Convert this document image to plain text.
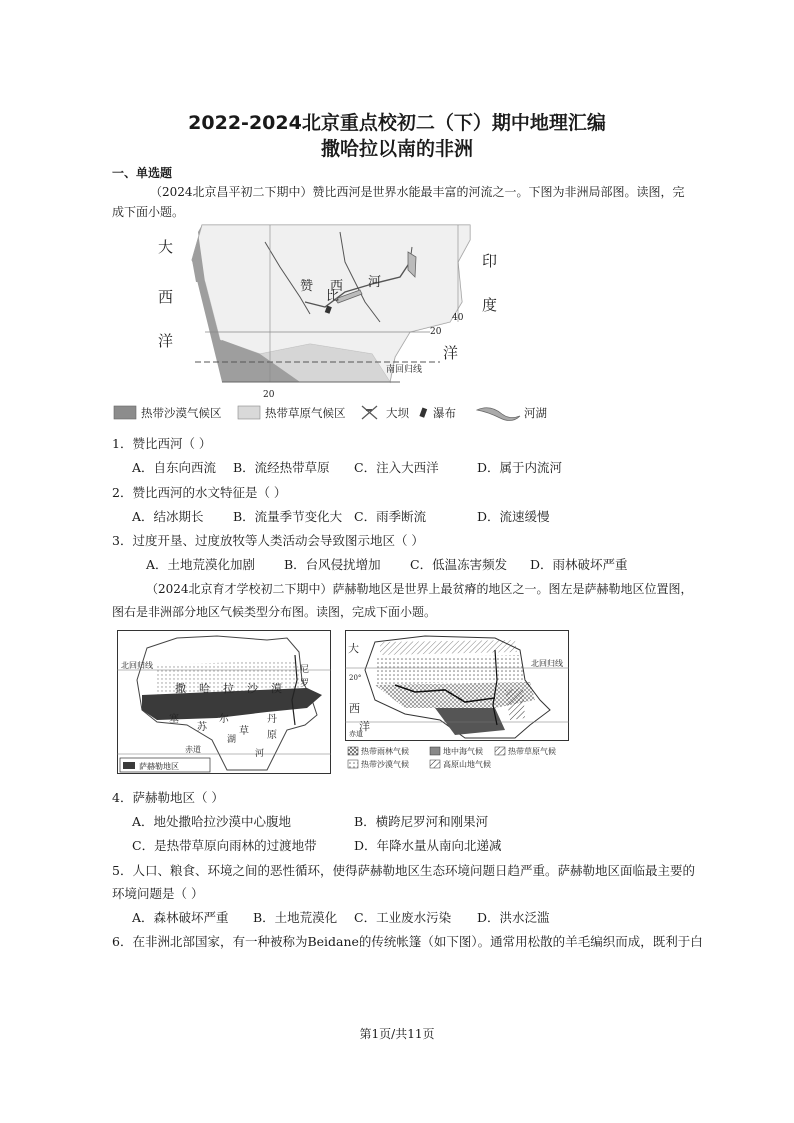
2022-2024北京重点校初二（下）期中地理汇编
撒哈拉以南的非洲
一、单选题
（2024北京昌平初二下期中）赞比西河是世界水能最丰富的河流之一。下图为非洲局部图。读图，完
成下面小题。
大
西
洋
印
度
洋
赞 西 河
比
20
40
20
南回归线
热带沙漠气候区	热带草原气候区	大坝 瀑布	河湖
1．赞比西河（ ）
A．自东向西流 B．流经热带草原 C．注入大西洋	D．属于内流河
2．赞比西河的水文特征是（ ）
A．结冰期长 B．流量季节变化大 C．雨季断流	D．流速缓慢
3．过度开垦、过度放牧等人类活动会导致图示地区（ ）
A．土地荒漠化加剧 B．台风侵扰增加 C．低温冻害频发 D．雨林破坏严重
（2024北京育才学校初二下期中）萨赫勒地区是世界上最贫瘠的地区之一。图左是萨赫勒地区位置图，
图右是非洲部分地区气候类型分布图。读图，完成下面小题。
北回归线
撒 哈 拉 沙 漠
塞
苏
尔	丹
草 原
湖
赤道
尼
罗
河
萨赫勒地区
大
西
洋
北回归线
20°
赤道
热带雨林气候	地中海气候	热带草原气候
热带沙漠气候	高原山地气候
4．萨赫勒地区（ ）
A．地处撒哈拉沙漠中心腹地	B．横跨尼罗河和刚果河
C．是热带草原向雨林的过渡地带	D．年降水量从南向北递减
5．人口、粮食、环境之间的恶性循环，使得萨赫勒地区生态环境问题日趋严重。萨赫勒地区面临最主要的
环境问题是（ ）
A．森林破坏严重 B．土地荒漠化 C．工业废水污染 D．洪水泛滥
6．在非洲北部国家，有一种被称为Beidane的传统帐篷（如下图）。通常用松散的羊毛编织而成，既利于白
第1页/共11页
